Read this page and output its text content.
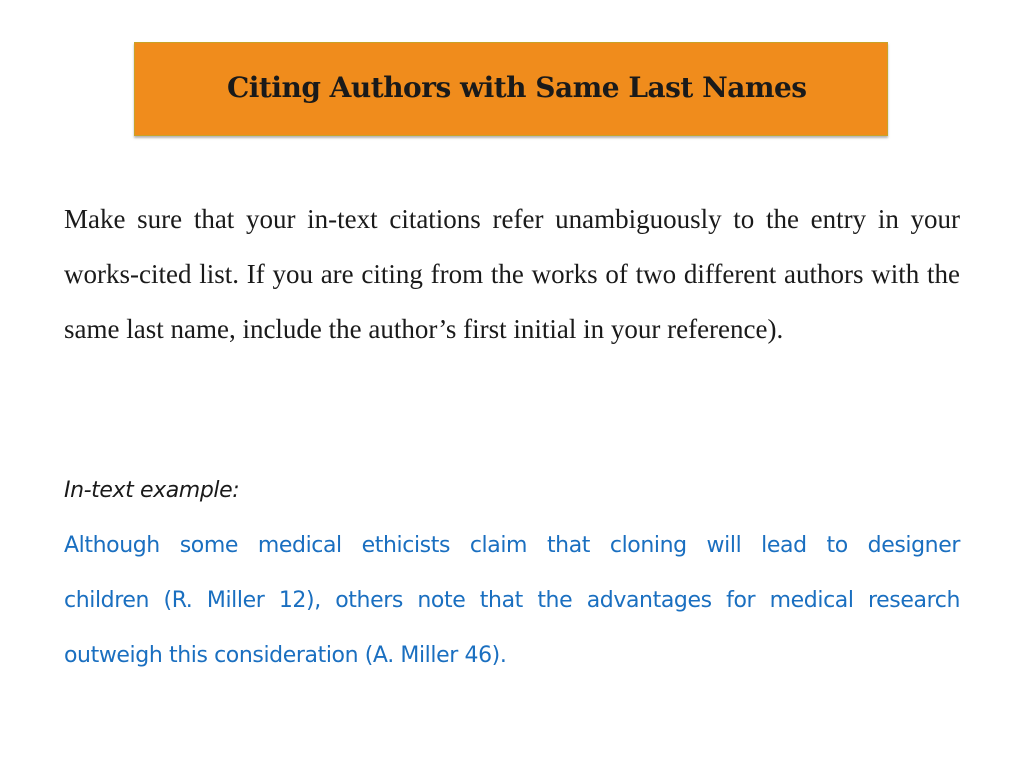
Citing Authors with Same Last Names

Make sure that your in-text citations refer unambiguously to the entry in your works-cited list. If you are citing from the works of two different authors with the same last name, include the author’s first initial in your reference).

In-text example:

Although some medical ethicists claim that cloning will lead to designer

children (R. Miller 12), others note that the advantages for medical research

outweigh this consideration (A. Miller 46).
